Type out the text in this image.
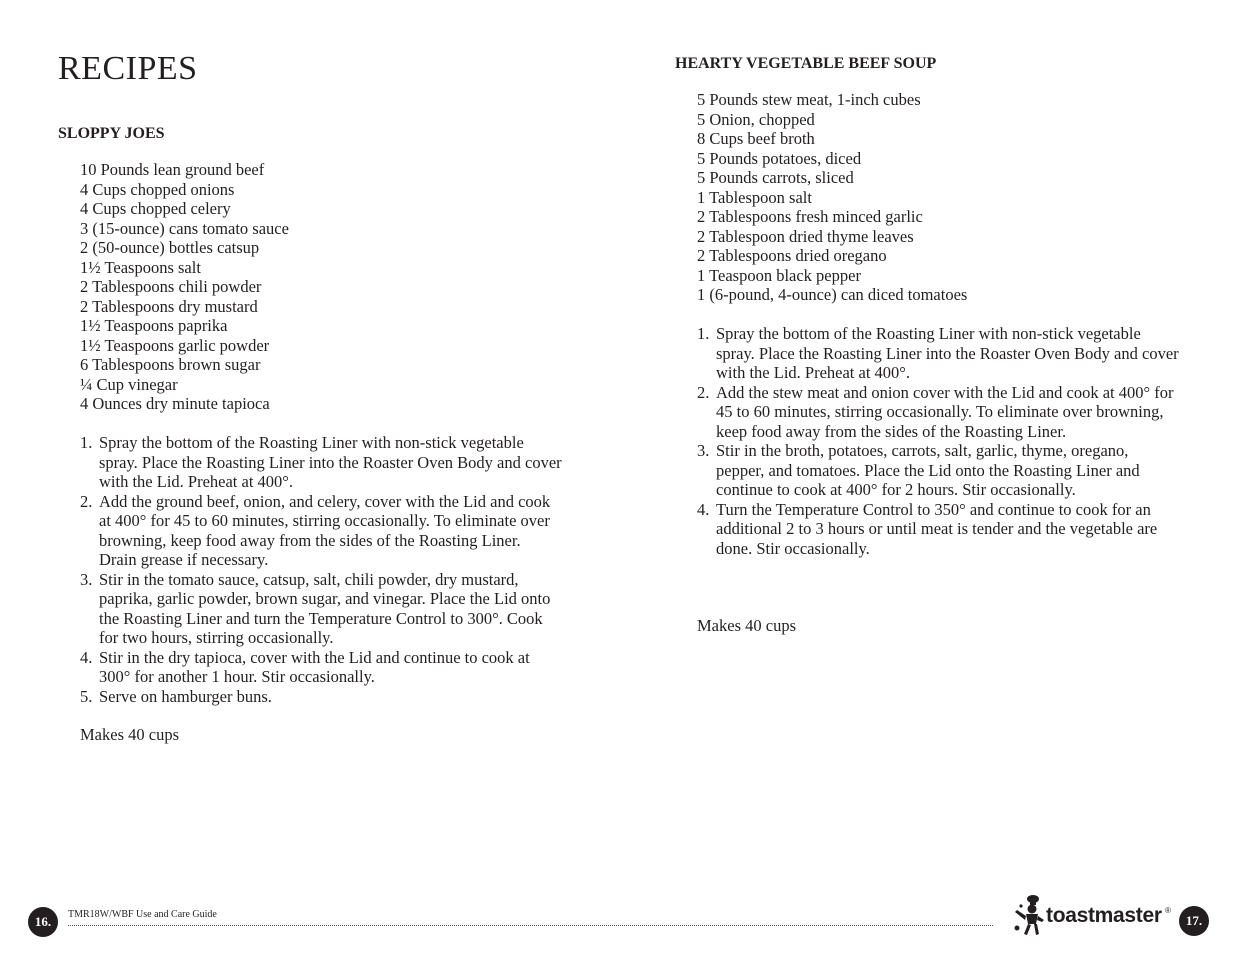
RECIPES
SLOPPY JOES
10 Pounds lean ground beef
4 Cups chopped onions
4 Cups chopped celery
3 (15-ounce) cans tomato sauce
2 (50-ounce) bottles catsup
1½ Teaspoons salt
2 Tablespoons chili powder
2 Tablespoons dry mustard
1½ Teaspoons paprika
1½ Teaspoons garlic powder
6 Tablespoons brown sugar
¼ Cup vinegar
4 Ounces dry minute tapioca
1. Spray the bottom of the Roasting Liner with non-stick vegetable spray. Place the Roasting Liner into the Roaster Oven Body and cover with the Lid. Preheat at 400°.
2. Add the ground beef, onion, and celery, cover with the Lid and cook at 400° for 45 to 60 minutes, stirring occasionally. To eliminate over browning, keep food away from the sides of the Roasting Liner. Drain grease if necessary.
3. Stir in the tomato sauce, catsup, salt, chili powder, dry mustard, paprika, garlic powder, brown sugar, and vinegar. Place the Lid onto the Roasting Liner and turn the Temperature Control to 300°. Cook for two hours, stirring occasionally.
4. Stir in the dry tapioca, cover with the Lid and continue to cook at 300° for another 1 hour. Stir occasionally.
5. Serve on hamburger buns.
Makes 40 cups
HEARTY VEGETABLE BEEF SOUP
5 Pounds stew meat, 1-inch cubes
5 Onion, chopped
8 Cups beef broth
5 Pounds potatoes, diced
5 Pounds carrots, sliced
1 Tablespoon salt
2 Tablespoons fresh minced garlic
2 Tablespoon dried thyme leaves
2 Tablespoons dried oregano
1 Teaspoon black pepper
1 (6-pound, 4-ounce) can diced tomatoes
1. Spray the bottom of the Roasting Liner with non-stick vegetable spray. Place the Roasting Liner into the Roaster Oven Body and cover with the Lid. Preheat at 400°.
2. Add the stew meat and onion cover with the Lid and cook at 400° for 45 to 60 minutes, stirring occasionally. To eliminate over browning, keep food away from the sides of the Roasting Liner.
3. Stir in the broth, potatoes, carrots, salt, garlic, thyme, oregano, pepper, and tomatoes. Place the Lid onto the Roasting Liner and continue to cook at 400° for 2 hours. Stir occasionally.
4. Turn the Temperature Control to 350° and continue to cook for an additional 2 to 3 hours or until meat is tender and the vegetable are done. Stir occasionally.
Makes 40 cups
16.	TMR18W/WBF Use and Care Guide	toastmaster ®
17.
